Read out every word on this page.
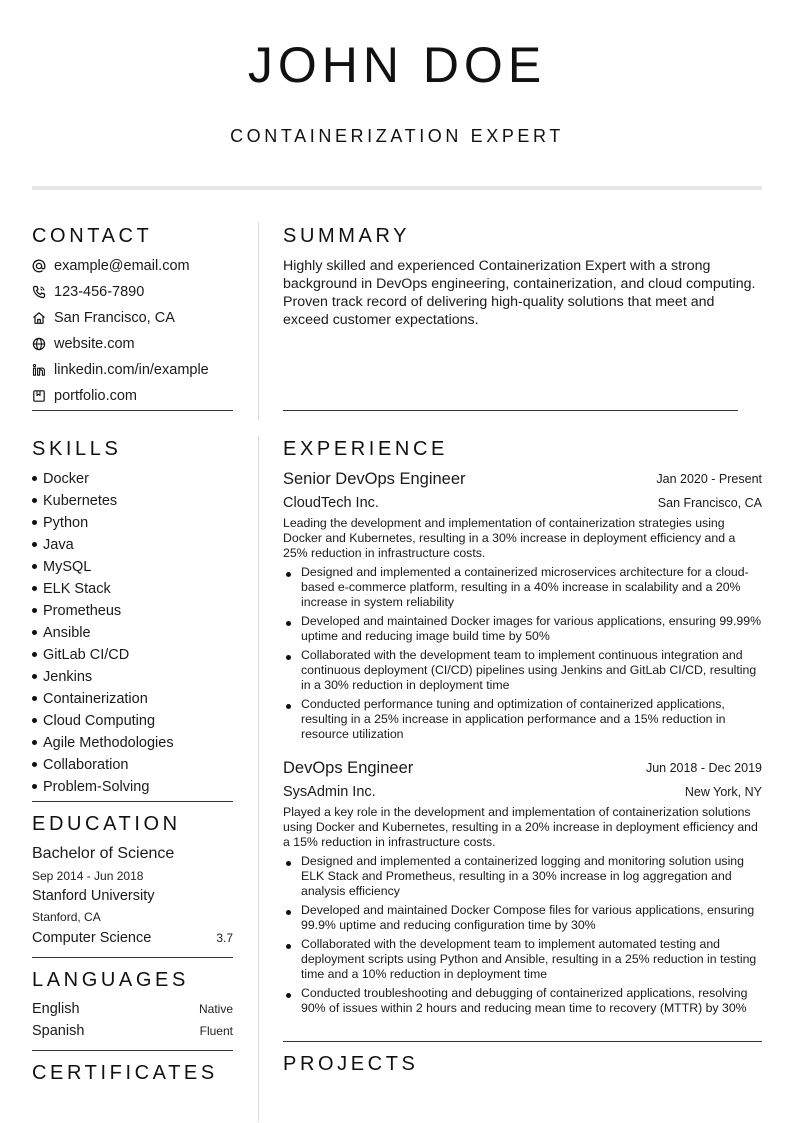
JOHN DOE
CONTAINERIZATION EXPERT
CONTACT
example@email.com
123-456-7890
San Francisco, CA
website.com
linkedin.com/in/example
portfolio.com
SKILLS
Docker
Kubernetes
Python
Java
MySQL
ELK Stack
Prometheus
Ansible
GitLab CI/CD
Jenkins
Containerization
Cloud Computing
Agile Methodologies
Collaboration
Problem-Solving
EDUCATION
Bachelor of Science
Sep 2014 - Jun 2018
Stanford University
Stanford, CA
Computer Science	3.7
LANGUAGES
English	Native
Spanish	Fluent
CERTIFICATES
SUMMARY
Highly skilled and experienced Containerization Expert with a strong background in DevOps engineering, containerization, and cloud computing. Proven track record of delivering high-quality solutions that meet and exceed customer expectations.
EXPERIENCE
Senior DevOps Engineer	Jan 2020 - Present
CloudTech Inc.	San Francisco, CA
Leading the development and implementation of containerization strategies using Docker and Kubernetes, resulting in a 30% increase in deployment efficiency and a 25% reduction in infrastructure costs.
Designed and implemented a containerized microservices architecture for a cloud-based e-commerce platform, resulting in a 40% increase in scalability and a 20% increase in system reliability
Developed and maintained Docker images for various applications, ensuring 99.99% uptime and reducing image build time by 50%
Collaborated with the development team to implement continuous integration and continuous deployment (CI/CD) pipelines using Jenkins and GitLab CI/CD, resulting in a 30% reduction in deployment time
Conducted performance tuning and optimization of containerized applications, resulting in a 25% increase in application performance and a 15% reduction in resource utilization
DevOps Engineer	Jun 2018 - Dec 2019
SysAdmin Inc.	New York, NY
Played a key role in the development and implementation of containerization solutions using Docker and Kubernetes, resulting in a 20% increase in deployment efficiency and a 15% reduction in infrastructure costs.
Designed and implemented a containerized logging and monitoring solution using ELK Stack and Prometheus, resulting in a 30% increase in log aggregation and analysis efficiency
Developed and maintained Docker Compose files for various applications, ensuring 99.9% uptime and reducing configuration time by 30%
Collaborated with the development team to implement automated testing and deployment scripts using Python and Ansible, resulting in a 25% reduction in testing time and a 10% reduction in deployment time
Conducted troubleshooting and debugging of containerized applications, resolving 90% of issues within 2 hours and reducing mean time to recovery (MTTR) by 30%
PROJECTS
